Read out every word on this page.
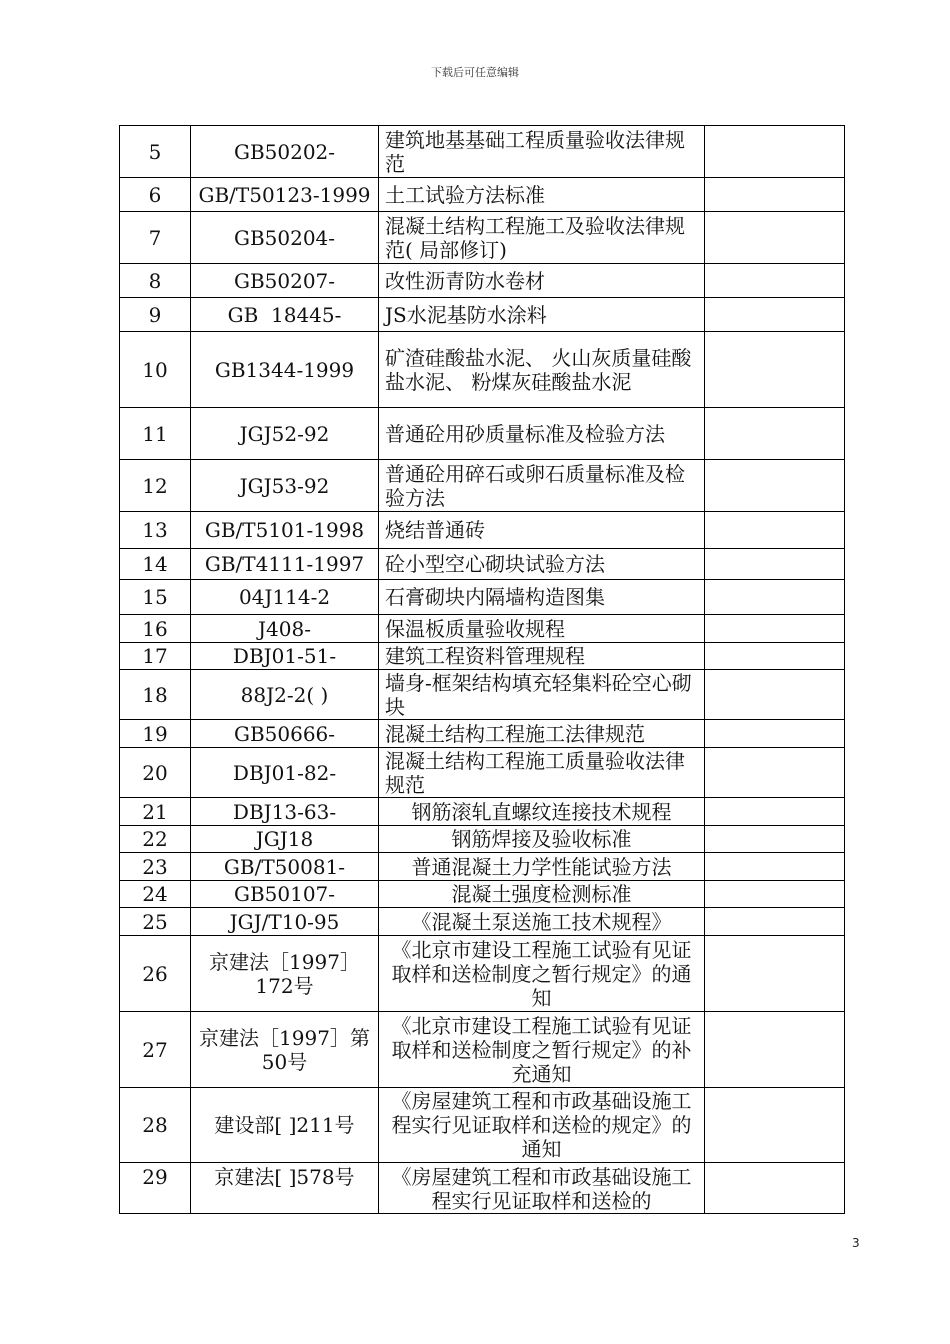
下载后可任意编辑
5	GB50202-	建筑地基基础工程质量验收法律规范	
6	GB/T50123-1999	土工试验方法标准	
7	GB50204-	混凝土结构工程施工及验收法律规范( 局部修订)	
8	GB50207-	改性沥青防水卷材	
9	GB  18445-	JS水泥基防水涂料	
10	GB1344-1999	矿渣硅酸盐水泥、 火山灰质量硅酸盐水泥、 粉煤灰硅酸盐水泥	
11	JGJ52-92	普通砼用砂质量标准及检验方法	
12	JGJ53-92	普通砼用碎石或卵石质量标准及检验方法	
13	GB/T5101-1998	烧结普通砖	
14	GB/T4111-1997	砼小型空心砌块试验方法	
15	04J114-2	石膏砌块内隔墙构造图集	
16	J408-	保温板质量验收规程	
17	DBJ01-51-	建筑工程资料管理规程	
18	88J2-2( )	墙身-框架结构填充轻集料砼空心砌块	
19	GB50666-	混凝土结构工程施工法律规范	
20	DBJ01-82-	混凝土结构工程施工质量验收法律规范	
21	DBJ13-63-	钢筋滚轧直螺纹连接技术规程	
22	JGJ18	钢筋焊接及验收标准	
23	GB/T50081-	普通混凝土力学性能试验方法	
24	GB50107-	混凝土强度检测标准	
25	JGJ/T10-95	《混凝土泵送施工技术规程》	
26	京建法［1997］172号	《北京市建设工程施工试验有见证取样和送检制度之暂行规定》的通知	
27	京建法［1997］第50号	《北京市建设工程施工试验有见证取样和送检制度之暂行规定》的补充通知	
28	建设部[ ]211号	《房屋建筑工程和市政基础设施工程实行见证取样和送检的规定》的通知	
29	京建法[ ]578号	《房屋建筑工程和市政基础设施工程实行见证取样和送检的	
3
